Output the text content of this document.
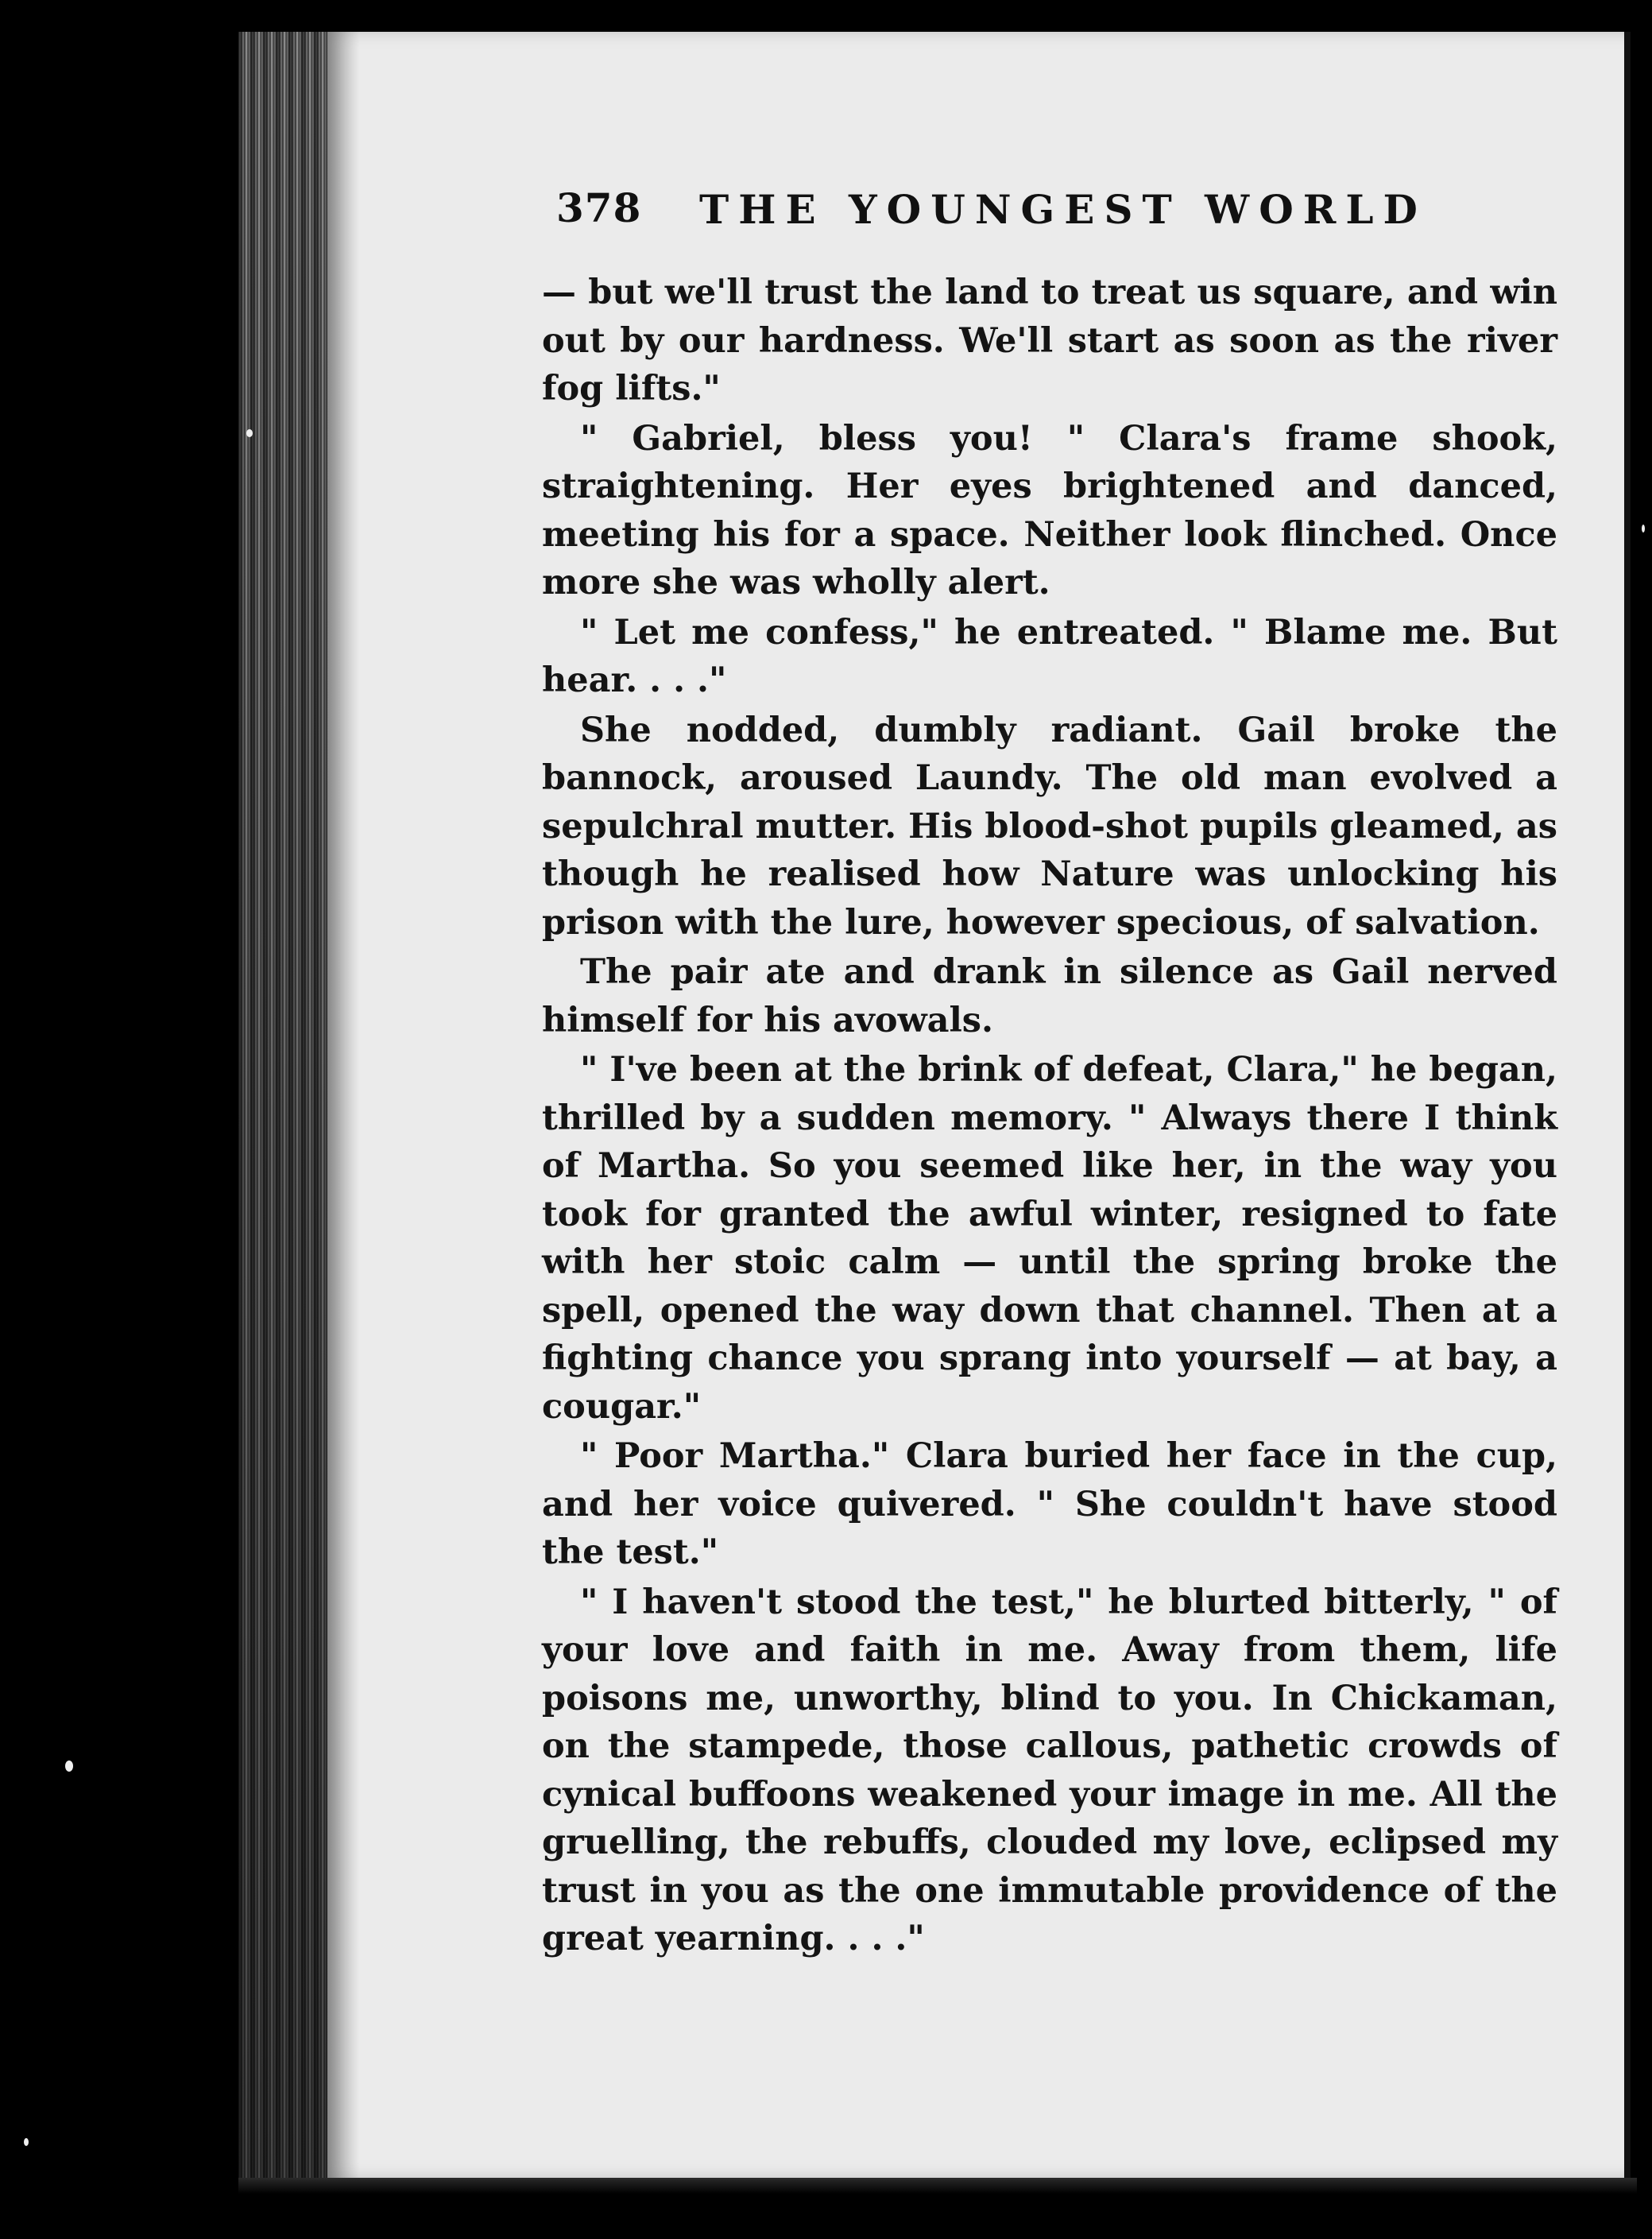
378 THE YOUNGEST WORLD

— but we'll trust the land to treat us square, and win out by our hardness. We'll start as soon as the river fog lifts."

" Gabriel, bless you! " Clara's frame shook, straightening. Her eyes brightened and danced, meeting his for a space. Neither look flinched. Once more she was wholly alert.

" Let me confess," he entreated. " Blame me. But hear. . . ."

She nodded, dumbly radiant. Gail broke the bannock, aroused Laundy. The old man evolved a sepulchral mutter. His blood-shot pupils gleamed, as though he realised how Nature was unlocking his prison with the lure, however specious, of salvation.

The pair ate and drank in silence as Gail nerved himself for his avowals.

" I've been at the brink of defeat, Clara," he began, thrilled by a sudden memory. " Always there I think of Martha. So you seemed like her, in the way you took for granted the awful winter, resigned to fate with her stoic calm — until the spring broke the spell, opened the way down that channel. Then at a fighting chance you sprang into yourself — at bay, a cougar."

" Poor Martha." Clara buried her face in the cup, and her voice quivered. " She couldn't have stood the test."

" I haven't stood the test," he blurted bitterly, " of your love and faith in me. Away from them, life poisons me, unworthy, blind to you. In Chickaman, on the stampede, those callous, pathetic crowds of cynical buffoons weakened your image in me. All the gruelling, the rebuffs, clouded my love, eclipsed my trust in you as the one immutable providence of the great yearning. . . ."
